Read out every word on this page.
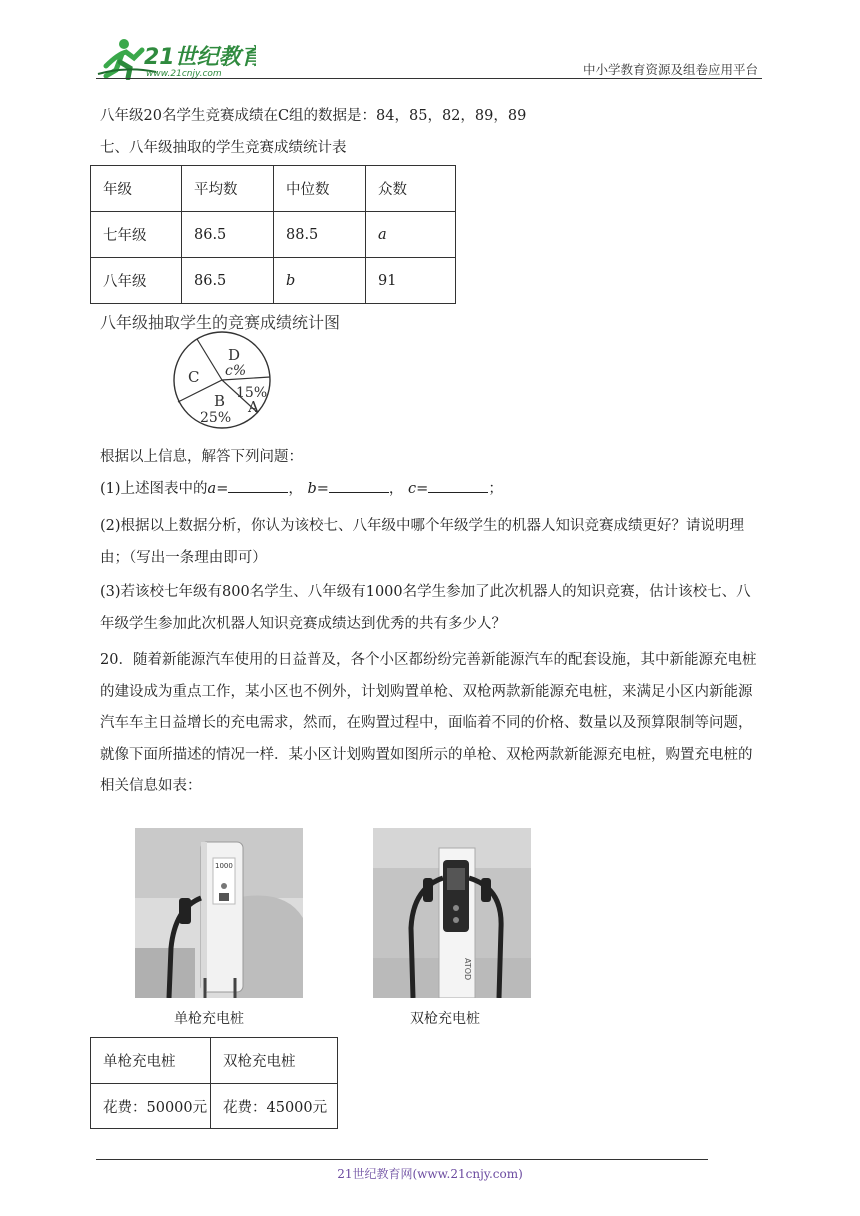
21世纪教育
www.21cnjy.com	中小学教育资源及组卷应用平台
八年级20名学生竞赛成绩在C组的数据是：84，85，82，89，89
七、八年级抽取的学生竞赛成绩统计表
年级	平均数	中位数	众数
七年级	86.5	88.5	a
八年级	86.5	b	91
八年级抽取学生的竞赛成绩统计图
D
c%
C
15%
A
B
25%
根据以上信息，解答下列问题：
(1)上述图表中的a=	， b=	， c=	；
(2)根据以上数据分析，你认为该校七、八年级中哪个年级学生的机器人知识竞赛成绩更好？请说明理由；（写出一条理由即可）
(3)若该校七年级有800名学生、八年级有1000名学生参加了此次机器人的知识竞赛，估计该校七、八年级学生参加此次机器人知识竞赛成绩达到优秀的共有多少人？
20．随着新能源汽车使用的日益普及，各个小区都纷纷完善新能源汽车的配套设施，其中新能源充电桩的建设成为重点工作，某小区也不例外，计划购置单枪、双枪两款新能源充电桩，来满足小区内新能源汽车车主日益增长的充电需求，然而，在购置过程中，面临着不同的价格、数量以及预算限制等问题，就像下面所描述的情况一样．某小区计划购置如图所示的单枪、双枪两款新能源充电桩，购置充电桩的相关信息如表：
1000
单枪充电桩
ATOD
双枪充电桩
单枪充电桩	双枪充电桩
花费：50000元	花费：45000元
21世纪教育网(www.21cnjy.com)
